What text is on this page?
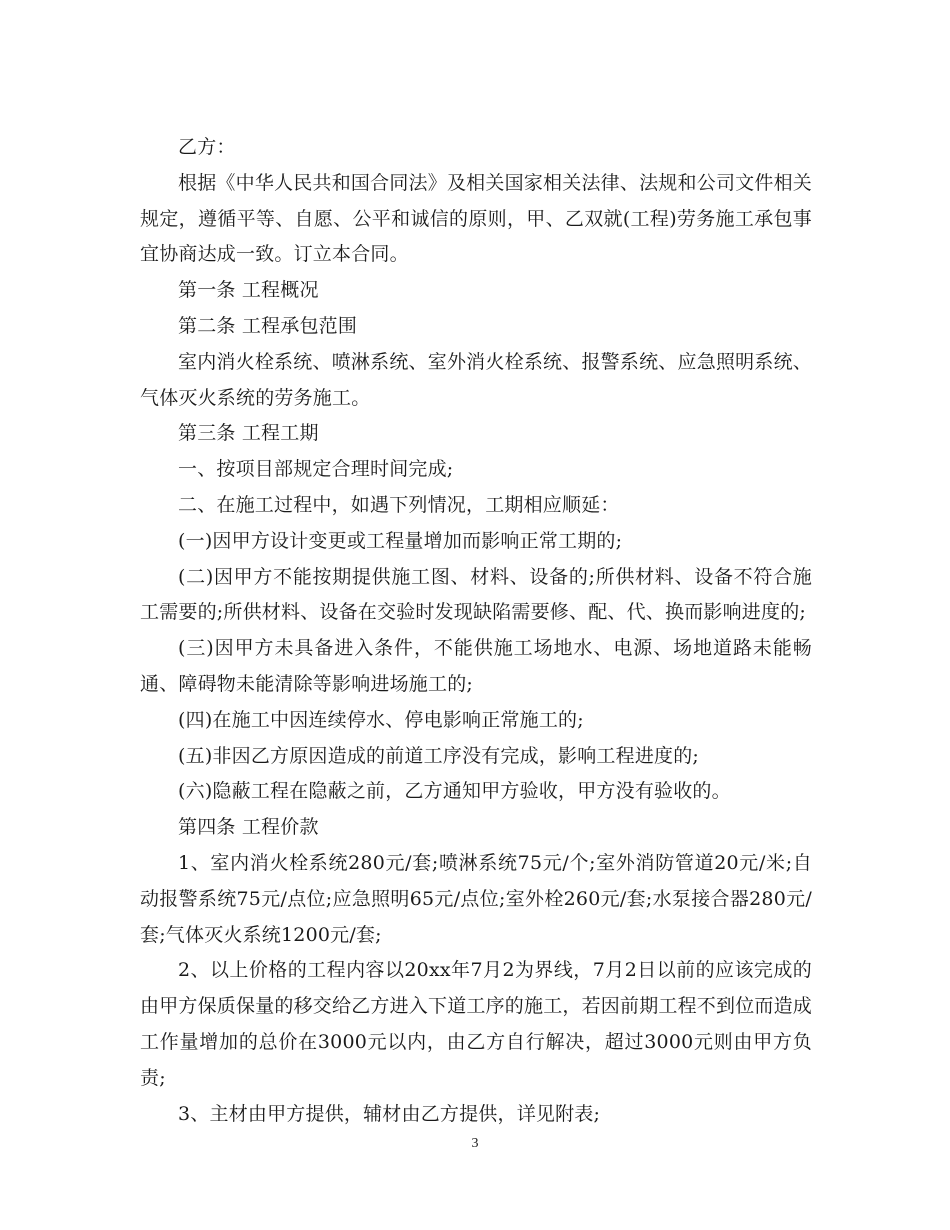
乙方：

根据《中华人民共和国合同法》及相关国家相关法律、法规和公司文件相关规定，遵循平等、自愿、公平和诚信的原则，甲、乙双就(工程)劳务施工承包事宜协商达成一致。订立本合同。

第一条 工程概况

第二条 工程承包范围

室内消火栓系统、喷淋系统、室外消火栓系统、报警系统、应急照明系统、气体灭火系统的劳务施工。

第三条 工程工期

一、按项目部规定合理时间完成;

二、在施工过程中，如遇下列情况，工期相应顺延：

(一)因甲方设计变更或工程量增加而影响正常工期的;

(二)因甲方不能按期提供施工图、材料、设备的;所供材料、设备不符合施工需要的;所供材料、设备在交验时发现缺陷需要修、配、代、换而影响进度的;

(三)因甲方未具备进入条件，不能供施工场地水、电源、场地道路未能畅通、障碍物未能清除等影响进场施工的;

(四)在施工中因连续停水、停电影响正常施工的;

(五)非因乙方原因造成的前道工序没有完成，影响工程进度的;

(六)隐蔽工程在隐蔽之前，乙方通知甲方验收，甲方没有验收的。

第四条 工程价款

1、室内消火栓系统280元/套;喷淋系统75元/个;室外消防管道20元/米;自动报警系统75元/点位;应急照明65元/点位;室外栓260元/套;水泵接合器280元/套;气体灭火系统1200元/套;

2、以上价格的工程内容以20xx年7月2为界线，7月2日以前的应该完成的由甲方保质保量的移交给乙方进入下道工序的施工，若因前期工程不到位而造成工作量增加的总价在3000元以内，由乙方自行解决，超过3000元则由甲方负责;

3、主材由甲方提供，辅材由乙方提供，详见附表;

3
